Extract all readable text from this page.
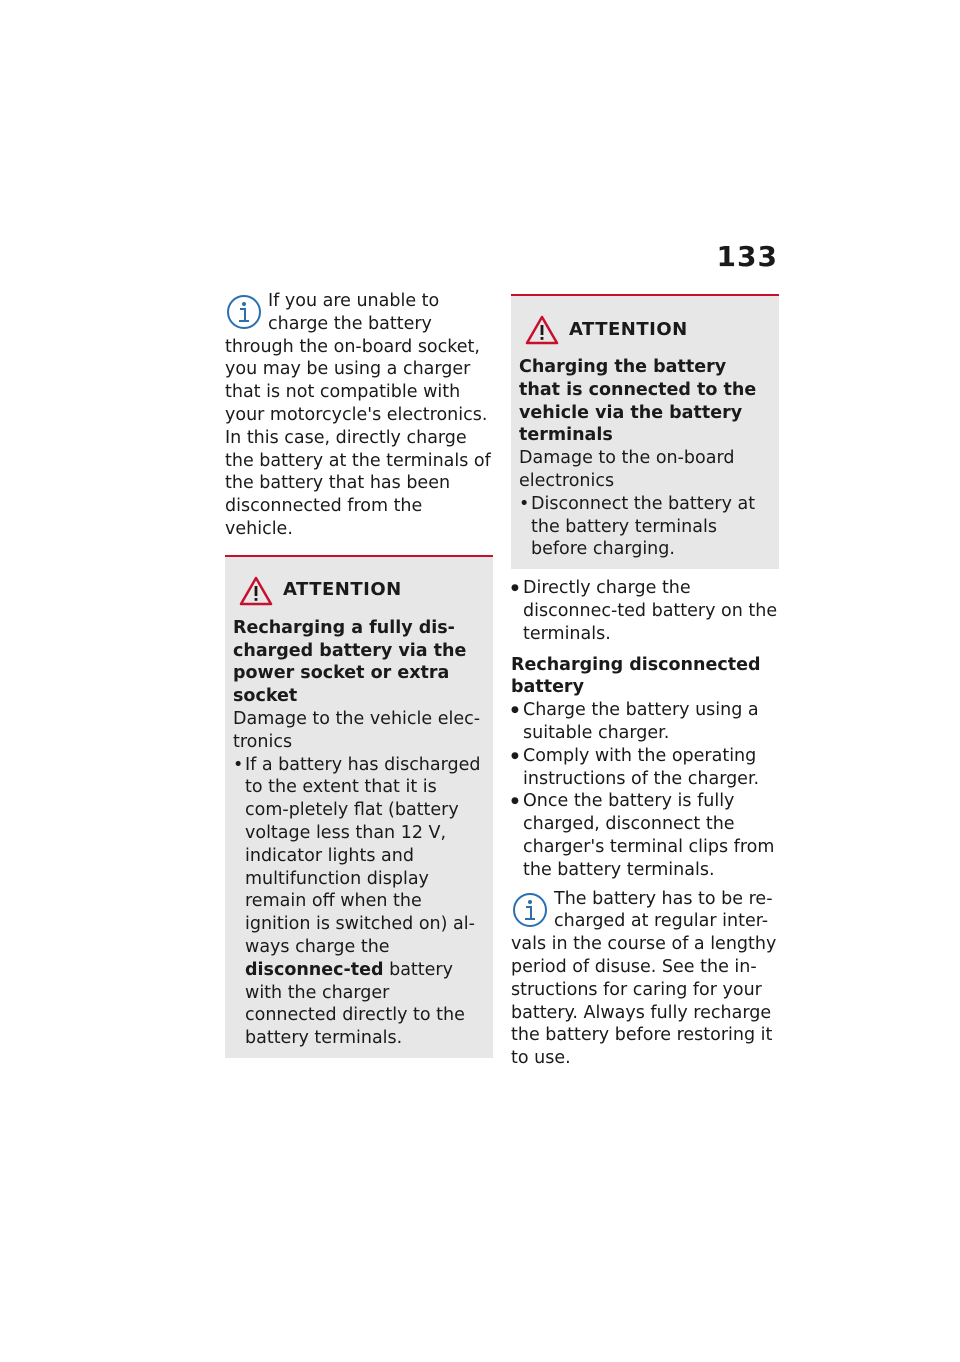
133
If you are unable to
charge the battery
through the on-board socket, you may be using a charger that is not compatible with your motorcycle's electronics. In this case, directly charge the battery at the terminals of the battery that has been disconnected from the vehicle.
ATTENTION
Recharging a fully dis-charged battery via the power socket or extra socket
Damage to the vehicle elec-tronics
• If a battery has discharged to the extent that it is com-pletely flat (battery voltage less than 12 V, indicator lights and multifunction display remain off when the ignition is switched on) al-ways charge the disconnec-ted battery with the charger connected directly to the battery terminals.
ATTENTION
Charging the battery that is connected to the vehicle via the battery terminals
Damage to the on-board electronics
• Disconnect the battery at the battery terminals before charging.
● Directly charge the disconnec-ted battery on the terminals.
Recharging disconnected battery
● Charge the battery using a suitable charger.
● Comply with the operating instructions of the charger.
● Once the battery is fully charged, disconnect the charger's terminal clips from the battery terminals.
The battery has to be re-
charged at regular inter-
vals in the course of a lengthy period of disuse. See the in-structions for caring for your battery. Always fully recharge the battery before restoring it to use.
